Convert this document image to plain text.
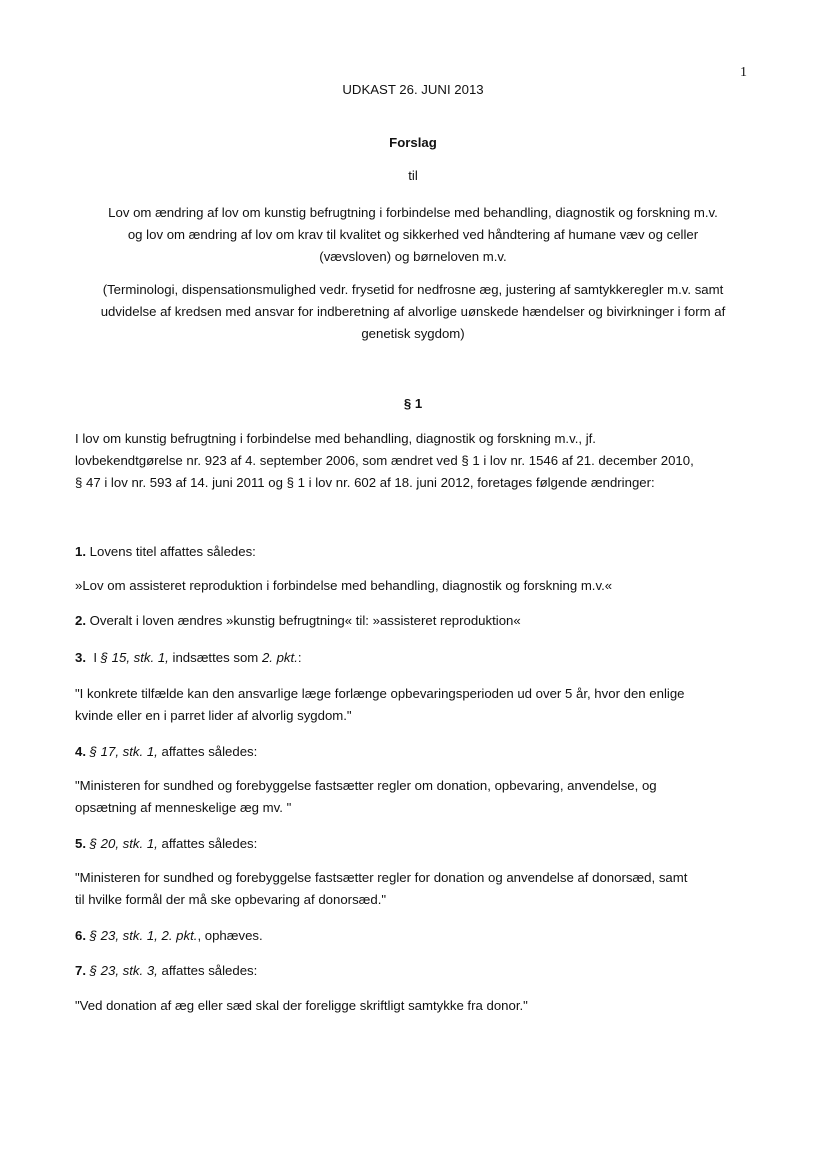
1
UDKAST 26. JUNI 2013
Forslag
til
Lov om ændring af lov om kunstig befrugtning i forbindelse med behandling, diagnostik og forskning m.v.
og lov om ændring af lov om krav til kvalitet og sikkerhed ved håndtering af humane væv og celler
(vævsloven) og børneloven m.v.
(Terminologi, dispensationsmulighed vedr. frysetid for nedfrosne æg, justering af samtykkeregler m.v. samt
udvidelse af kredsen med ansvar for indberetning af alvorlige uønskede hændelser og bivirkninger i form af
genetisk sygdom)
§ 1
I lov om kunstig befrugtning i forbindelse med behandling, diagnostik og forskning m.v., jf.
lovbekendtgørelse nr. 923 af 4. september 2006, som ændret ved § 1 i lov nr. 1546 af 21. december 2010,
§ 47 i lov nr. 593 af 14. juni 2011 og § 1 i lov nr. 602 af 18. juni 2012, foretages følgende ændringer:
1. Lovens titel affattes således:
»Lov om assisteret reproduktion i forbindelse med behandling, diagnostik og forskning m.v.«
2. Overalt i loven ændres »kunstig befrugtning« til: »assisteret reproduktion«
3.  I § 15, stk. 1, indsættes som 2. pkt.:
"I konkrete tilfælde kan den ansvarlige læge forlænge opbevaringsperioden ud over 5 år, hvor den enlige
kvinde eller en i parret lider af alvorlig sygdom."
4. § 17, stk. 1, affattes således:
"Ministeren for sundhed og forebyggelse fastsætter regler om donation, opbevaring, anvendelse, og
opsætning af menneskelige æg mv. "
5. § 20, stk. 1, affattes således:
"Ministeren for sundhed og forebyggelse fastsætter regler for donation og anvendelse af donorsæd, samt
til hvilke formål der må ske opbevaring af donorsæd."
6. § 23, stk. 1, 2. pkt., ophæves.
7. § 23, stk. 3, affattes således:
"Ved donation af æg eller sæd skal der foreligge skriftligt samtykke fra donor."
